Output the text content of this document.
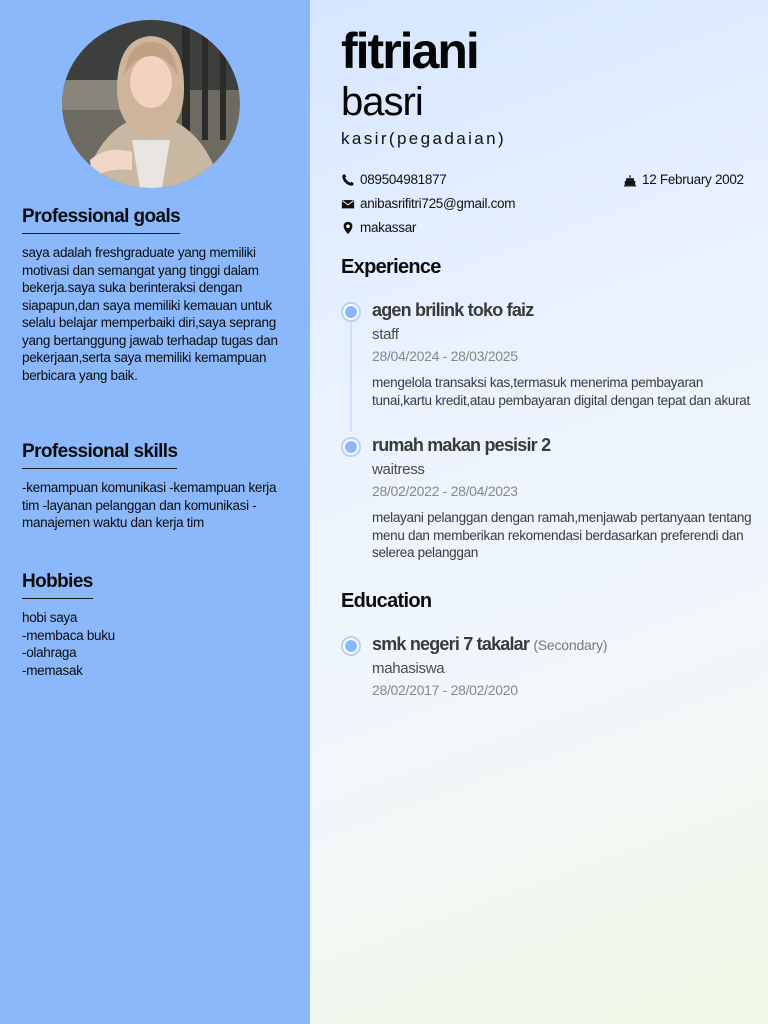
Professional goals
saya adalah freshgraduate yang memiliki motivasi dan semangat yang tinggi dalam bekerja.saya suka berinteraksi dengan siapapun,dan saya memiliki kemauan untuk selalu belajar memperbaiki diri,saya seprang yang bertanggung jawab terhadap tugas dan pekerjaan,serta saya memiliki kemampuan berbicara yang baik.
Professional skills
-kemampuan komunikasi -kemampuan kerja tim -layanan pelanggan dan komunikasi -manajemen waktu dan kerja tim
Hobbies
hobi saya
-membaca buku
-olahraga
-memasak
fitriani
basri
kasir(pegadaian)
089504981877	12 February 2002
anibasrifitri725@gmail.com
makassar
Experience
agen brilink toko faiz
staff
28/04/2024 - 28/03/2025
mengelola transaksi kas,termasuk menerima pembayaran tunai,kartu kredit,atau pembayaran digital dengan tepat dan akurat
rumah makan pesisir 2
waitress
28/02/2022 - 28/04/2023
melayani pelanggan dengan ramah,menjawab pertanyaan tentang menu dan memberikan rekomendasi berdasarkan preferendi dan selerea pelanggan
Education
smk negeri 7 takalar (Secondary)
mahasiswa
28/02/2017 - 28/02/2020
